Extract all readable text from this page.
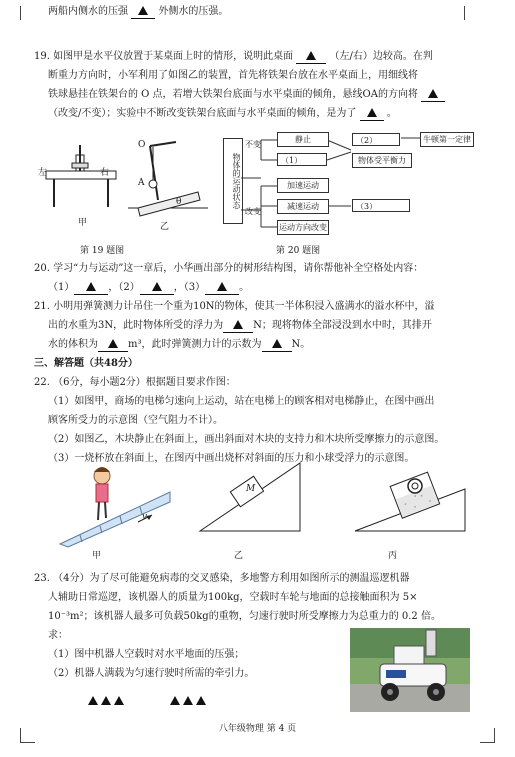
两船内侧水的压强	外侧水的压强。
19. 如图甲是水平仪放置于某桌面上时的情形，说明此桌面	（左/右）边较高。在判
断重力方向时，小军利用了如图乙的装置，首先将铁架台放在水平桌面上，用细线将
铁球悬挂在铁架台的 O 点，若增大铁架台底面与水平桌面的倾角，悬线OA的方向将
（改变/不变）；实验中不断改变铁架台底面与水平桌面的倾角，是为了	。
左	右
甲
O
A
θ
乙
第 19 题图
物体的运动状态
不变
改变
静止
（1）
（2）
物体受平衡力
牛顿第一定律
加速运动
减速运动
运动方向改变
（3）
第 20 题图
20. 学习“力与运动”这一章后，小华画出部分的树形结构图，请你帮他补全空格处内容：
（1）	，（2）	，（3）	。
21. 小明用弹簧测力计吊住一个重为10N的物体，使其一半体积浸入盛满水的溢水杯中，溢
出的水重为3N，此时物体所受的浮力为	N；现将物体全部浸没到水中时，其排开
水的体积为	m³，此时弹簧测力计的示数为	N。
三、解答题（共48分）
22. （6分，每小题2分）根据题目要求作图：
（1）如图甲，商场的电梯匀速向上运动，站在电梯上的顾客相对电梯静止，在图中画出
顾客所受力的示意图（空气阻力不计）。
（2）如图乙，木块静止在斜面上，画出斜面对木块的支持力和木块所受摩擦力的示意图。
（3）一烧杯放在斜面上，在图丙中画出烧杯对斜面的压力和小球受浮力的示意图。
v
甲
M
乙	丙
23. （4分）为了尽可能避免病毒的交叉感染，多地警方利用如图所示的测温巡逻机器
人辅助日常巡逻，该机器人的质量为100kg，空载时车轮与地面的总接触面积为 5×
10⁻³m²；该机器人最多可负载50kg的重物，匀速行驶时所受摩擦力为总重力的 0.2 倍。
求：
（1）图中机器人空载时对水平地面的压强；
（2）机器人满载为匀速行驶时所需的牵引力。

八年级物理 第 4 页
